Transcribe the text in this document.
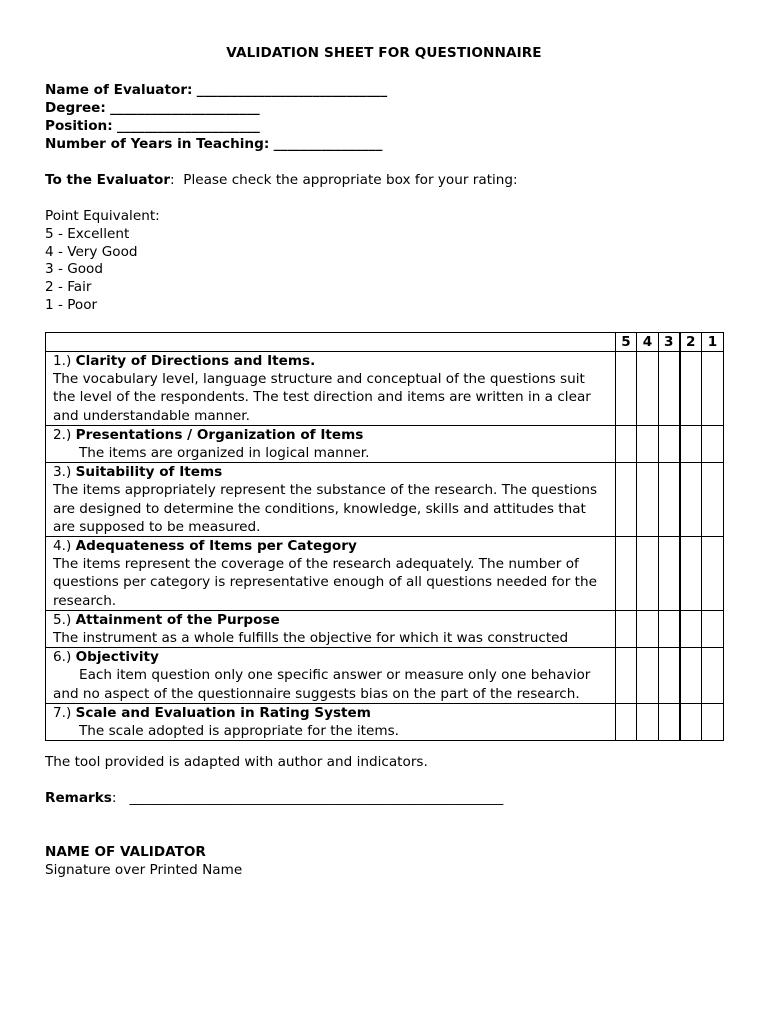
VALIDATION SHEET FOR QUESTIONNAIRE
Name of Evaluator: ____________________________
Degree: ______________________
Position: _____________________
Number of Years in Teaching: ________________
To the Evaluator:  Please check the appropriate box for your rating:
Point Equivalent:
5 - Excellent
4 - Very Good
3 - Good
2 - Fair
1 - Poor
	5	4	3	2	1
1.) Clarity of Directions and Items.
The vocabulary level, language structure and conceptual of the questions suit the level of the respondents. The test direction and items are written in a clear and understandable manner.					
2.) Presentations / Organization of Items

The items are organized in logical manner.					

3.) Suitability of Items
The items appropriately represent the substance of the research. The questions are designed to determine the conditions, knowledge, skills and attitudes that are supposed to be measured.					
4.) Adequateness of Items per Category
The items represent the coverage of the research adequately. The number of questions per category is representative enough of all questions needed for the research.					
5.) Attainment of the Purpose
The instrument as a whole fulfills the objective for which it was constructed					
6.) Objectivity

Each item question only one specific answer or measure only one behavior and no aspect of the questionnaire suggests bias on the part of the research.					

7.) Scale and Evaluation in Rating System

The scale adopted is appropriate for the items.					

The tool provided is adapted with author and indicators.
Remarks: _______________________________________________________
NAME OF VALIDATOR
Signature over Printed Name
